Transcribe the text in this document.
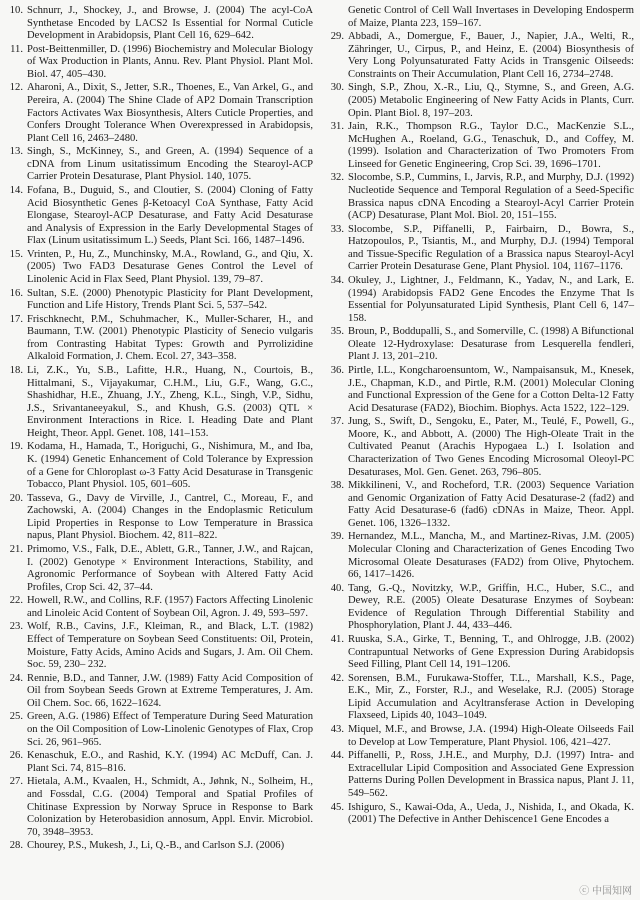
10. Schnurr, J., Shockey, J., and Browse, J. (2004) The acyl-CoA Synthetase Encoded by LACS2 Is Essential for Normal Cuticle Development in Arabidopsis, Plant Cell 16, 629–642.
11. Post-Beittenmiller, D. (1996) Biochemistry and Molecular Biology of Wax Production in Plants, Annu. Rev. Plant Physiol. Plant Mol. Biol. 47, 405–430.
12. Aharoni, A., Dixit, S., Jetter, S.R., Thoenes, E., Van Arkel, G., and Pereira, A. (2004) The Shine Clade of AP2 Domain Transcription Factors Activates Wax Biosynthesis, Alters Cuticle Properties, and Confers Drought Tolerance When Overexpressed in Arabidopsis, Plant Cell 16, 2463–2480.
13. Singh, S., McKinney, S., and Green, A. (1994) Sequence of a cDNA from Linum usitatissimum Encoding the Stearoyl-ACP Carrier Protein Desaturase, Plant Physiol. 140, 1075.
14. Fofana, B., Duguid, S., and Cloutier, S. (2004) Cloning of Fatty Acid Biosynthetic Genes β-Ketoacyl CoA Synthase, Fatty Acid Elongase, Stearoyl-ACP Desaturase, and Fatty Acid Desaturase and Analysis of Expression in the Early Developmental Stages of Flax (Linum usitatissimum L.) Seeds, Plant Sci. 166, 1487–1496.
15. Vrinten, P., Hu, Z., Munchinsky, M.A., Rowland, G., and Qiu, X. (2005) Two FAD3 Desaturase Genes Control the Level of Linolenic Acid in Flax Seed, Plant Physiol. 139, 79–87.
16. Sultan, S.E. (2000) Phenotypic Plasticity for Plant Development, Function and Life History, Trends Plant Sci. 5, 537–542.
17. Frischknecht, P.M., Schuhmacher, K., Muller-Scharer, H., and Baumann, T.W. (2001) Phenotypic Plasticity of Senecio vulgaris from Contrasting Habitat Types: Growth and Pyrrolizidine Alkaloid Formation, J. Chem. Ecol. 27, 343–358.
18. Li, Z.K., Yu, S.B., Lafitte, H.R., Huang, N., Courtois, B., Hittalmani, S., Vijayakumar, C.H.M., Liu, G.F., Wang, G.C., Shashidhar, H.E., Zhuang, J.Y., Zheng, K.L., Singh, V.P., Sidhu, J.S., Srivantaneeyakul, S., and Khush, G.S. (2003) QTL × Environment Interactions in Rice. I. Heading Date and Plant Height, Theor. Appl. Genet. 108, 141–153.
19. Kodama, H., Hamada, T., Horiguchi, G., Nishimura, M., and Iba, K. (1994) Genetic Enhancement of Cold Tolerance by Expression of a Gene for Chloroplast ω-3 Fatty Acid Desaturase in Transgenic Tobacco, Plant Physiol. 105, 601–605.
20. Tasseva, G., Davy de Virville, J., Cantrel, C., Moreau, F., and Zachowski, A. (2004) Changes in the Endoplasmic Reticulum Lipid Properties in Response to Low Temperature in Brassica napus, Plant Physiol. Biochem. 42, 811–822.
21. Primomo, V.S., Falk, D.E., Ablett, G.R., Tanner, J.W., and Rajcan, I. (2002) Genotype × Environment Interactions, Stability, and Agronomic Performance of Soybean with Altered Fatty Acid Profiles, Crop Sci. 42, 37–44.
22. Howell, R.W., and Collins, R.F. (1957) Factors Affecting Linolenic and Linoleic Acid Content of Soybean Oil, Agron. J. 49, 593–597.
23. Wolf, R.B., Cavins, J.F., Kleiman, R., and Black, L.T. (1982) Effect of Temperature on Soybean Seed Constituents: Oil, Protein, Moisture, Fatty Acids, Amino Acids and Sugars, J. Am. Oil Chem. Soc. 59, 230– 232.
24. Rennie, B.D., and Tanner, J.W. (1989) Fatty Acid Composition of Oil from Soybean Seeds Grown at Extreme Temperatures, J. Am. Oil Chem. Soc. 66, 1622–1624.
25. Green, A.G. (1986) Effect of Temperature During Seed Maturation on the Oil Composition of Low-Linolenic Genotypes of Flax, Crop Sci. 26, 961–965.
26. Kenaschuk, E.O., and Rashid, K.Y. (1994) AC McDuff, Can. J. Plant Sci. 74, 815–816.
27. Hietala, A.M., Kvaalen, H., Schmidt, A., Jøhnk, N., Solheim, H., and Fossdal, C.G. (2004) Temporal and Spatial Profiles of Chitinase Expression by Norway Spruce in Response to Bark Colonization by Heterobasidion annosum, Appl. Envir. Microbiol. 70, 3948–3953.
28. Chourey, P.S., Mukesh, J., Li, Q.-B., and Carlson S.J. (2006)
Genetic Control of Cell Wall Invertases in Developing Endosperm of Maize, Planta 223, 159–167.
29. Abbadi, A., Domergue, F., Bauer, J., Napier, J.A., Welti, R., Zähringer, U., Cirpus, P., and Heinz, E. (2004) Biosynthesis of Very Long Polyunsaturated Fatty Acids in Transgenic Oilseeds: Constraints on Their Accumulation, Plant Cell 16, 2734–2748.
30. Singh, S.P., Zhou, X.-R., Liu, Q., Stymne, S., and Green, A.G. (2005) Metabolic Engineering of New Fatty Acids in Plants, Curr. Opin. Plant Biol. 8, 197–203.
31. Jain, R.K., Thompson R.G., Taylor D.C., MacKenzie S.L., McHughen A., Roeland, G.G., Tenaschuk, D., and Coffey, M. (1999). Isolation and Characterization of Two Promoters From Linseed for Genetic Engineering, Crop Sci. 39, 1696–1701.
32. Slocombe, S.P., Cummins, I., Jarvis, R.P., and Murphy, D.J. (1992) Nucleotide Sequence and Temporal Regulation of a Seed-Specific Brassica napus cDNA Encoding a Stearoyl-Acyl Carrier Protein (ACP) Desaturase, Plant Mol. Biol. 20, 151–155.
33. Slocombe, S.P., Piffanelli, P., Fairbairn, D., Bowra, S., Hatzopoulos, P., Tsiantis, M., and Murphy, D.J. (1994) Temporal and Tissue-Specific Regulation of a Brassica napus Stearoyl-Acyl Carrier Protein Desaturase Gene, Plant Physiol. 104, 1167–1176.
34. Okuley, J., Lightner, J., Feldmann, K., Yadav, N., and Lark, E. (1994) Arabidopsis FAD2 Gene Encodes the Enzyme That Is Essential for Polyunsaturated Lipid Synthesis, Plant Cell 6, 147–158.
35. Broun, P., Boddupalli, S., and Somerville, C. (1998) A Bifunctional Oleate 12-Hydroxylase: Desaturase from Lesquerella fendleri, Plant J. 13, 201–210.
36. Pirtle, I.L., Kongcharoensuntom, W., Nampaisansuk, M., Knesek, J.E., Chapman, K.D., and Pirtle, R.M. (2001) Molecular Cloning and Functional Expression of the Gene for a Cotton Delta-12 Fatty Acid Desaturase (FAD2), Biochim. Biophys. Acta 1522, 122–129.
37. Jung, S., Swift, D., Sengoku, E., Pater, M., Teulé, F., Powell, G., Moore, K., and Abbott, A. (2000) The High-Oleate Trait in the Cultivated Peanut (Arachis Hypogaea L.) I. Isolation and Characterization of Two Genes Encoding Microsomal Oleoyl-PC Desaturases, Mol. Gen. Genet. 263, 796–805.
38. Mikkilineni, V., and Rocheford, T.R. (2003) Sequence Variation and Genomic Organization of Fatty Acid Desaturase-2 (fad2) and Fatty Acid Desaturase-6 (fad6) cDNAs in Maize, Theor. Appl. Genet. 106, 1326–1332.
39. Hernandez, M.L., Mancha, M., and Martinez-Rivas, J.M. (2005) Molecular Cloning and Characterization of Genes Encoding Two Microsomal Oleate Desaturases (FAD2) from Olive, Phytochem. 66, 1417–1426.
40. Tang, G.-Q., Novitzky, W.P., Griffin, H.C., Huber, S.C., and Dewey, R.E. (2005) Oleate Desaturase Enzymes of Soybean: Evidence of Regulation Through Differential Stability and Phosphorylation, Plant J. 44, 433–446.
41. Ruuska, S.A., Girke, T., Benning, T., and Ohlrogge, J.B. (2002) Contrapuntual Networks of Gene Expression During Arabidopsis Seed Filling, Plant Cell 14, 191–1206.
42. Sorensen, B.M., Furukawa-Stoffer, T.L., Marshall, K.S., Page, E.K., Mir, Z., Forster, R.J., and Weselake, R.J. (2005) Storage Lipid Accumulation and Acyltransferase Action in Developing Flaxseed, Lipids 40, 1043–1049.
43. Miquel, M.F., and Browse, J.A. (1994) High-Oleate Oilseeds Fail to Develop at Low Temperature, Plant Physiol. 106, 421–427.
44. Piffanelli, P., Ross, J.H.E., and Murphy, D.J. (1997) Intra- and Extracellular Lipid Composition and Associated Gene Expression Patterns During Pollen Development in Brassica napus, Plant J. 11, 549–562.
45. Ishiguro, S., Kawai-Oda, A., Ueda, J., Nishida, I., and Okada, K. (2001) The Defective in Anther Dehiscence1 Gene Encodes a
ⓒ 中国知网
